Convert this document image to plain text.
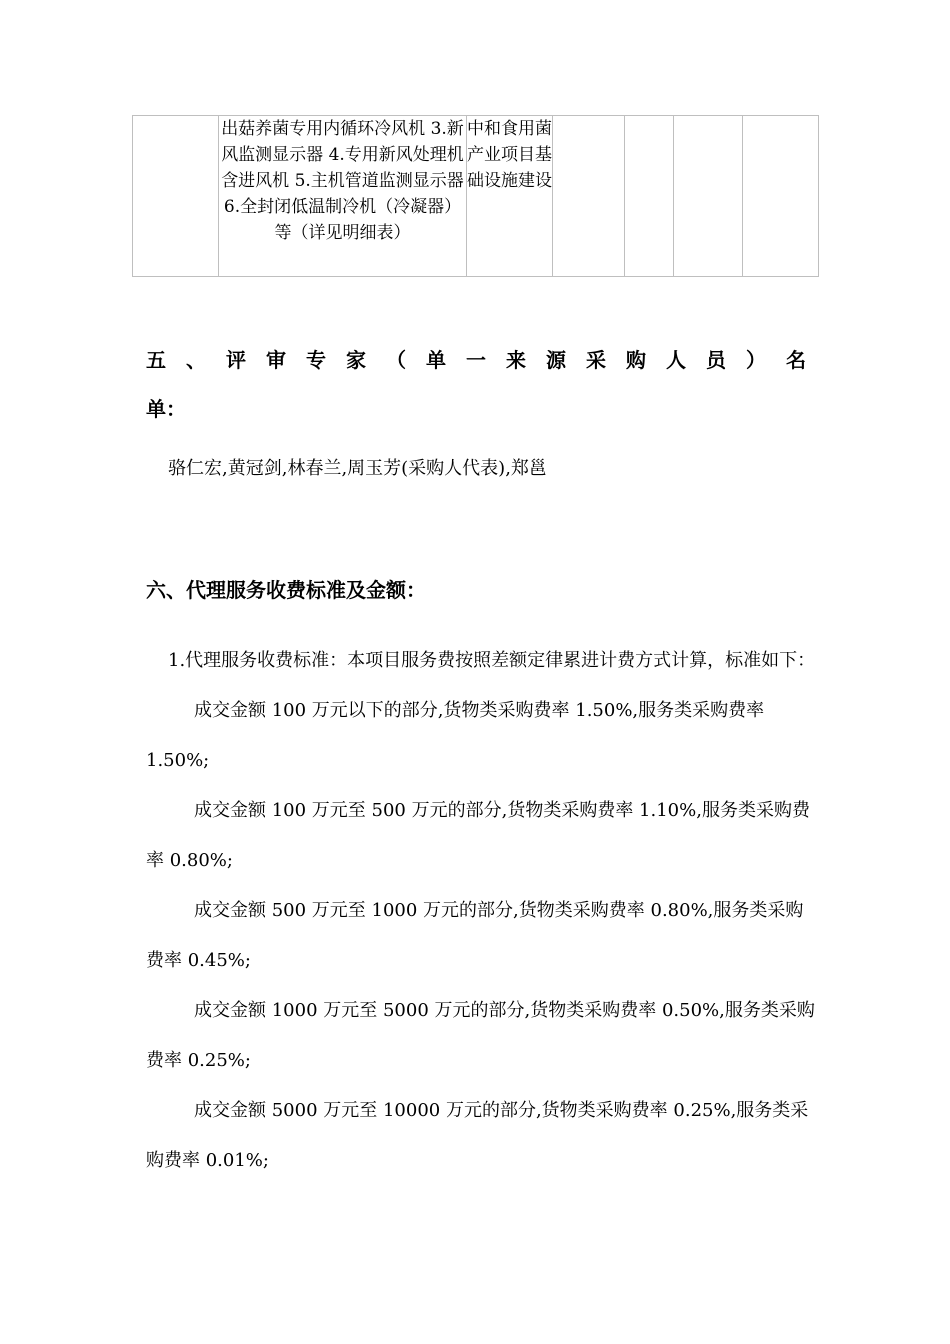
	出菇养菌专用内循环冷风机 3.新风监测显示器 4.专用新风处理机含进风机 5.主机管道监测显示器 6.全封闭低温制冷机（冷凝器）等（详见明细表）	中和食用菌产业项目基础设施建设				
五 、 评 审 专 家 （ 单 一 来 源 采 购 人 员 ） 名
单：
骆仁宏,黄冠剑,林春兰,周玉芳(采购人代表),郑邕
六、代理服务收费标准及金额：
1.代理服务收费标准：本项目服务费按照差额定律累进计费方式计算，标准如下：
成交金额 100 万元以下的部分,货物类采购费率 1.50%,服务类采购费率 1.50%;
成交金额 100 万元至 500 万元的部分,货物类采购费率 1.10%,服务类采购费率 0.80%;
成交金额 500 万元至 1000 万元的部分,货物类采购费率 0.80%,服务类采购费率 0.45%;
成交金额 1000 万元至 5000 万元的部分,货物类采购费率 0.50%,服务类采购费率 0.25%;
成交金额 5000 万元至 10000 万元的部分,货物类采购费率 0.25%,服务类采购费率 0.01%;
